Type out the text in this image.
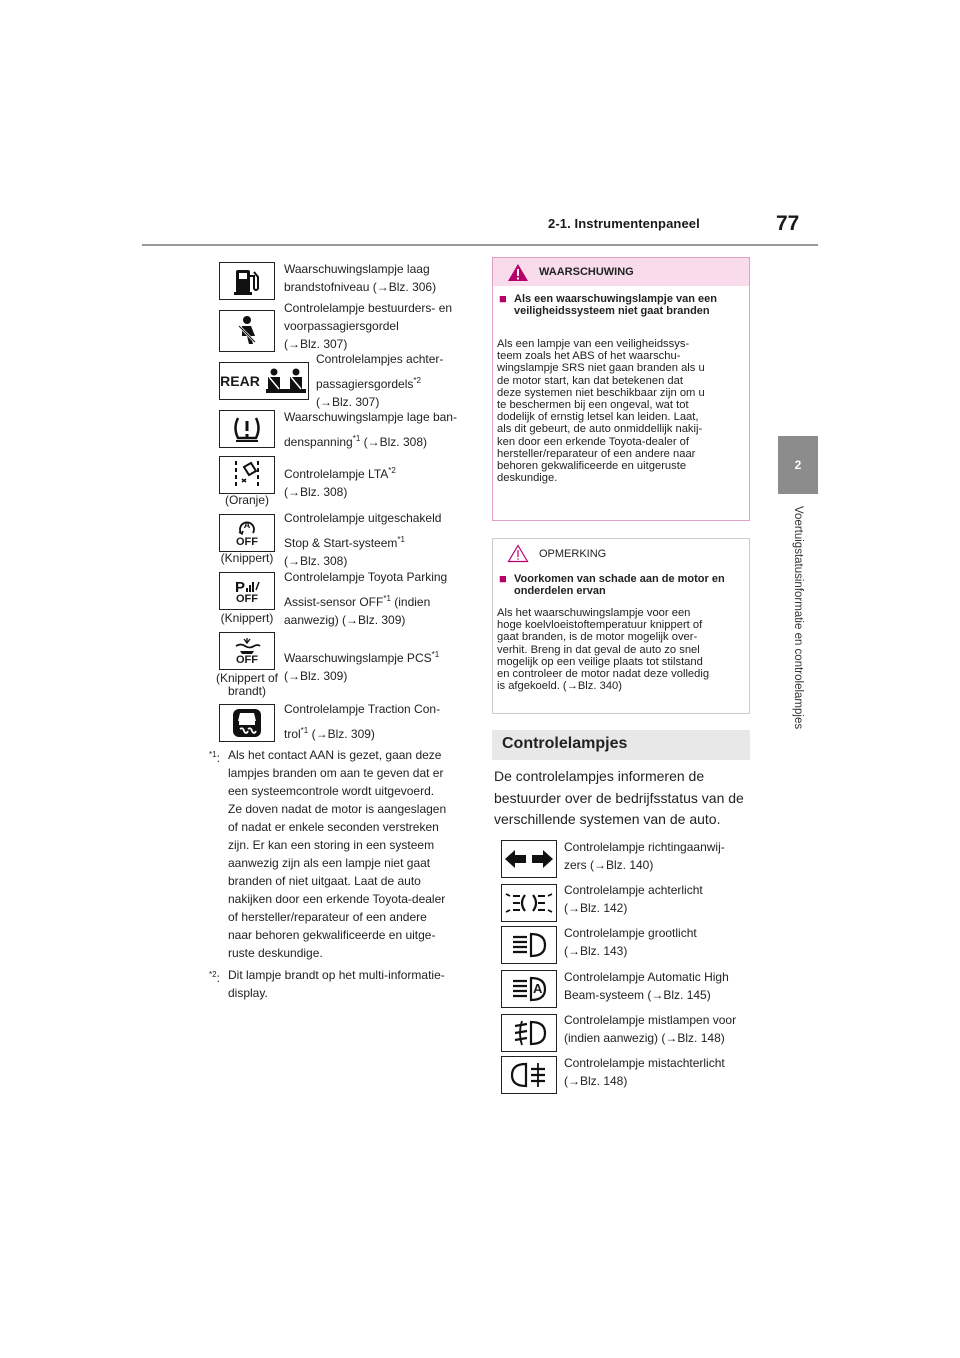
2-1. Instrumentenpaneel	77
2
Voertuigstatusinformatie en controlelampjes
Waarschuwingslampje laag
brandstofniveau (→Blz. 306)
Controlelampje bestuurders- en
voorpassagiersgordel
(→Blz. 307)
REAR
Controlelampjes achter-
passagiersgordels$^{*2}$
(→Blz. 307)
Waarschuwingslampje lage ban-
denspanning$^{*1}$ (→Blz. 308)
(Oranje)
Controlelampje LTA$^{*2}$
(→Blz. 308)
A
OFF
(Knippert)
Controlelampje uitgeschakeld
Stop & Start-systeem$^{*1}$
(→Blz. 308)
P
OFF
(Knippert)
Controlelampje Toyota Parking
Assist-sensor OFF$^{*1}$ (indien
aanwezig) (→Blz. 309)
OFF
(Knippert of
brandt)
Waarschuwingslampje PCS$^{*1}$
(→Blz. 309)
Controlelampje Traction Con-
trol$^{*1}$ (→Blz. 309)
$^{*1}$: Als het contact AAN is gezet, gaan deze
lampjes branden om aan te geven dat er
een systeemcontrole wordt uitgevoerd.
Ze doven nadat de motor is aangeslagen
of nadat er enkele seconden verstreken
zijn. Er kan een storing in een systeem
aanwezig zijn als een lampje niet gaat
branden of niet uitgaat. Laat de auto
nakijken door een erkende Toyota-dealer
of hersteller/reparateur of een andere
naar behoren gekwalificeerde en uitge-
ruste deskundige.
$^{*2}$: Dit lampje brandt op het multi-informatie-
display.
WAARSCHUWING
■ Als een waarschuwingslampje van een veiligheidssysteem niet gaat branden
Als een lampje van een veiligheidssys-
teem zoals het ABS of het waarschu-
wingslampje SRS niet gaan branden als u
de motor start, kan dat betekenen dat
deze systemen niet beschikbaar zijn om u
te beschermen bij een ongeval, wat tot
dodelijk of ernstig letsel kan leiden. Laat,
als dit gebeurt, de auto onmiddellijk nakij-
ken door een erkende Toyota-dealer of
hersteller/reparateur of een andere naar
behoren gekwalificeerde en uitgeruste
deskundige.
OPMERKING
■ Voorkomen van schade aan de motor en onderdelen ervan
Als het waarschuwingslampje voor een
hoge koelvloeistoftemperatuur knippert of
gaat branden, is de motor mogelijk over-
verhit. Breng in dat geval de auto zo snel
mogelijk op een veilige plaats tot stilstand
en controleer de motor nadat deze volledig
is afgekoeld. (→Blz. 340)
Controlelampjes
De controlelampjes informeren de bestuurder over de bedrijfsstatus van de verschillende systemen van de auto.
Controlelampje richtingaanwij-
zers (→Blz. 140)
Controlelampje achterlicht
(→Blz. 142)
Controlelampje grootlicht
(→Blz. 143)
A
Controlelampje Automatic High
Beam-systeem (→Blz. 145)
Controlelampje mistlampen voor
(indien aanwezig) (→Blz. 148)
Controlelampje mistachterlicht
(→Blz. 148)
